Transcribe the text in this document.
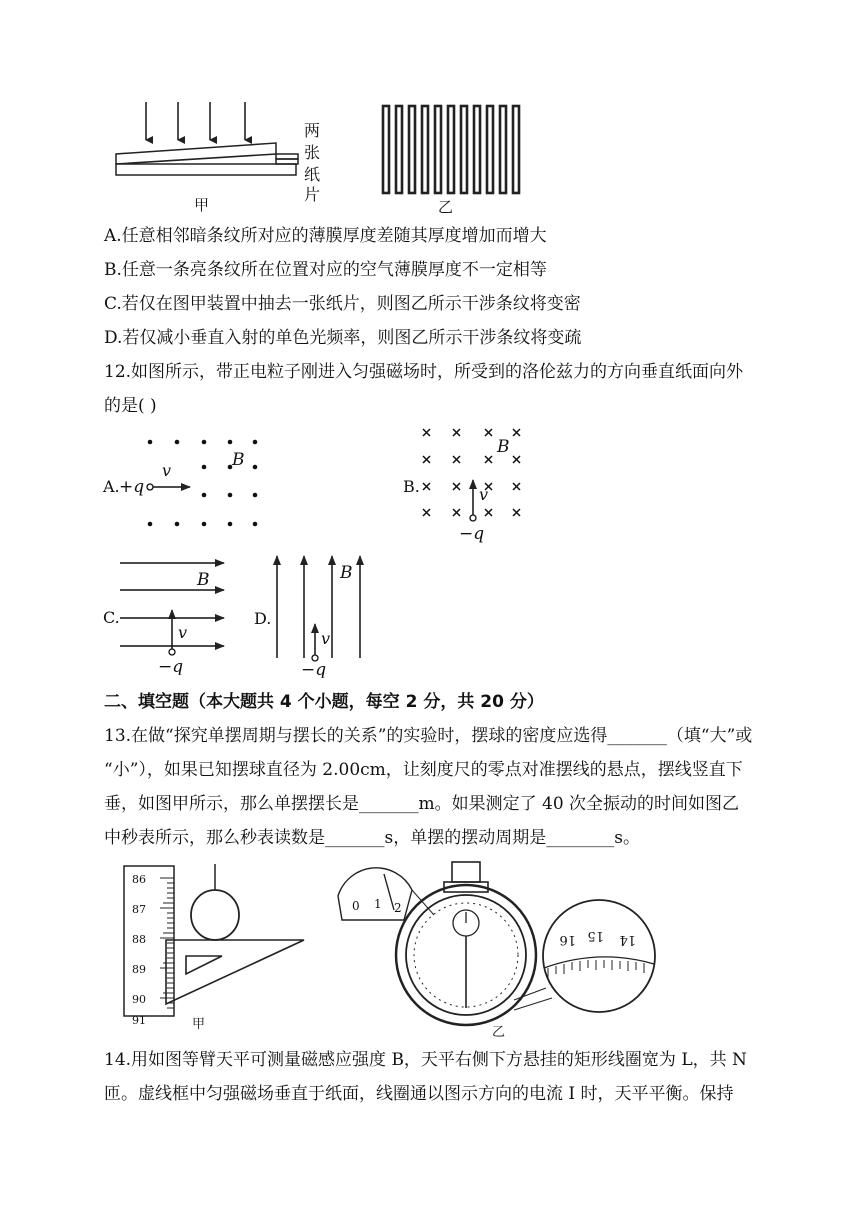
两
张
纸
片
甲	乙
A.任意相邻暗条纹所对应的薄膜厚度差随其厚度增加而增大
B.任意一条亮条纹所在位置对应的空气薄膜厚度不一定相等
C.若仅在图甲装置中抽去一张纸片，则图乙所示干涉条纹将变密
D.若仅减小垂直入射的单色光频率，则图乙所示干涉条纹将变疏
12.如图所示，带正电粒子刚进入匀强磁场时，所受到的洛伦兹力的方向垂直纸面向外
的是( )
A. +q
v
B
B.	v
B
−q
C.
B
v
−q
D.
B
v
−q
二、填空题（本大题共 4 个小题，每空 2 分，共 20 分）
13.在做“探究单摆周期与摆长的关系”的实验时，摆球的密度应选得_______（填“大”或
“小”），如果已知摆球直径为 2.00cm，让刻度尺的零点对准摆线的悬点，摆线竖直下
垂，如图甲所示，那么单摆摆长是_______m。如果测定了 40 次全振动的时间如图乙
中秒表所示，那么秒表读数是_______s，单摆的摆动周期是________s。
86
87
88
89
90
91	甲
0 1 2
16 15 14
乙
14.用如图等臂天平可测量磁感应强度 B，天平右侧下方悬挂的矩形线圈宽为 L，共 N
匝。虚线框中匀强磁场垂直于纸面，线圈通以图示方向的电流 I 时，天平平衡。保持
